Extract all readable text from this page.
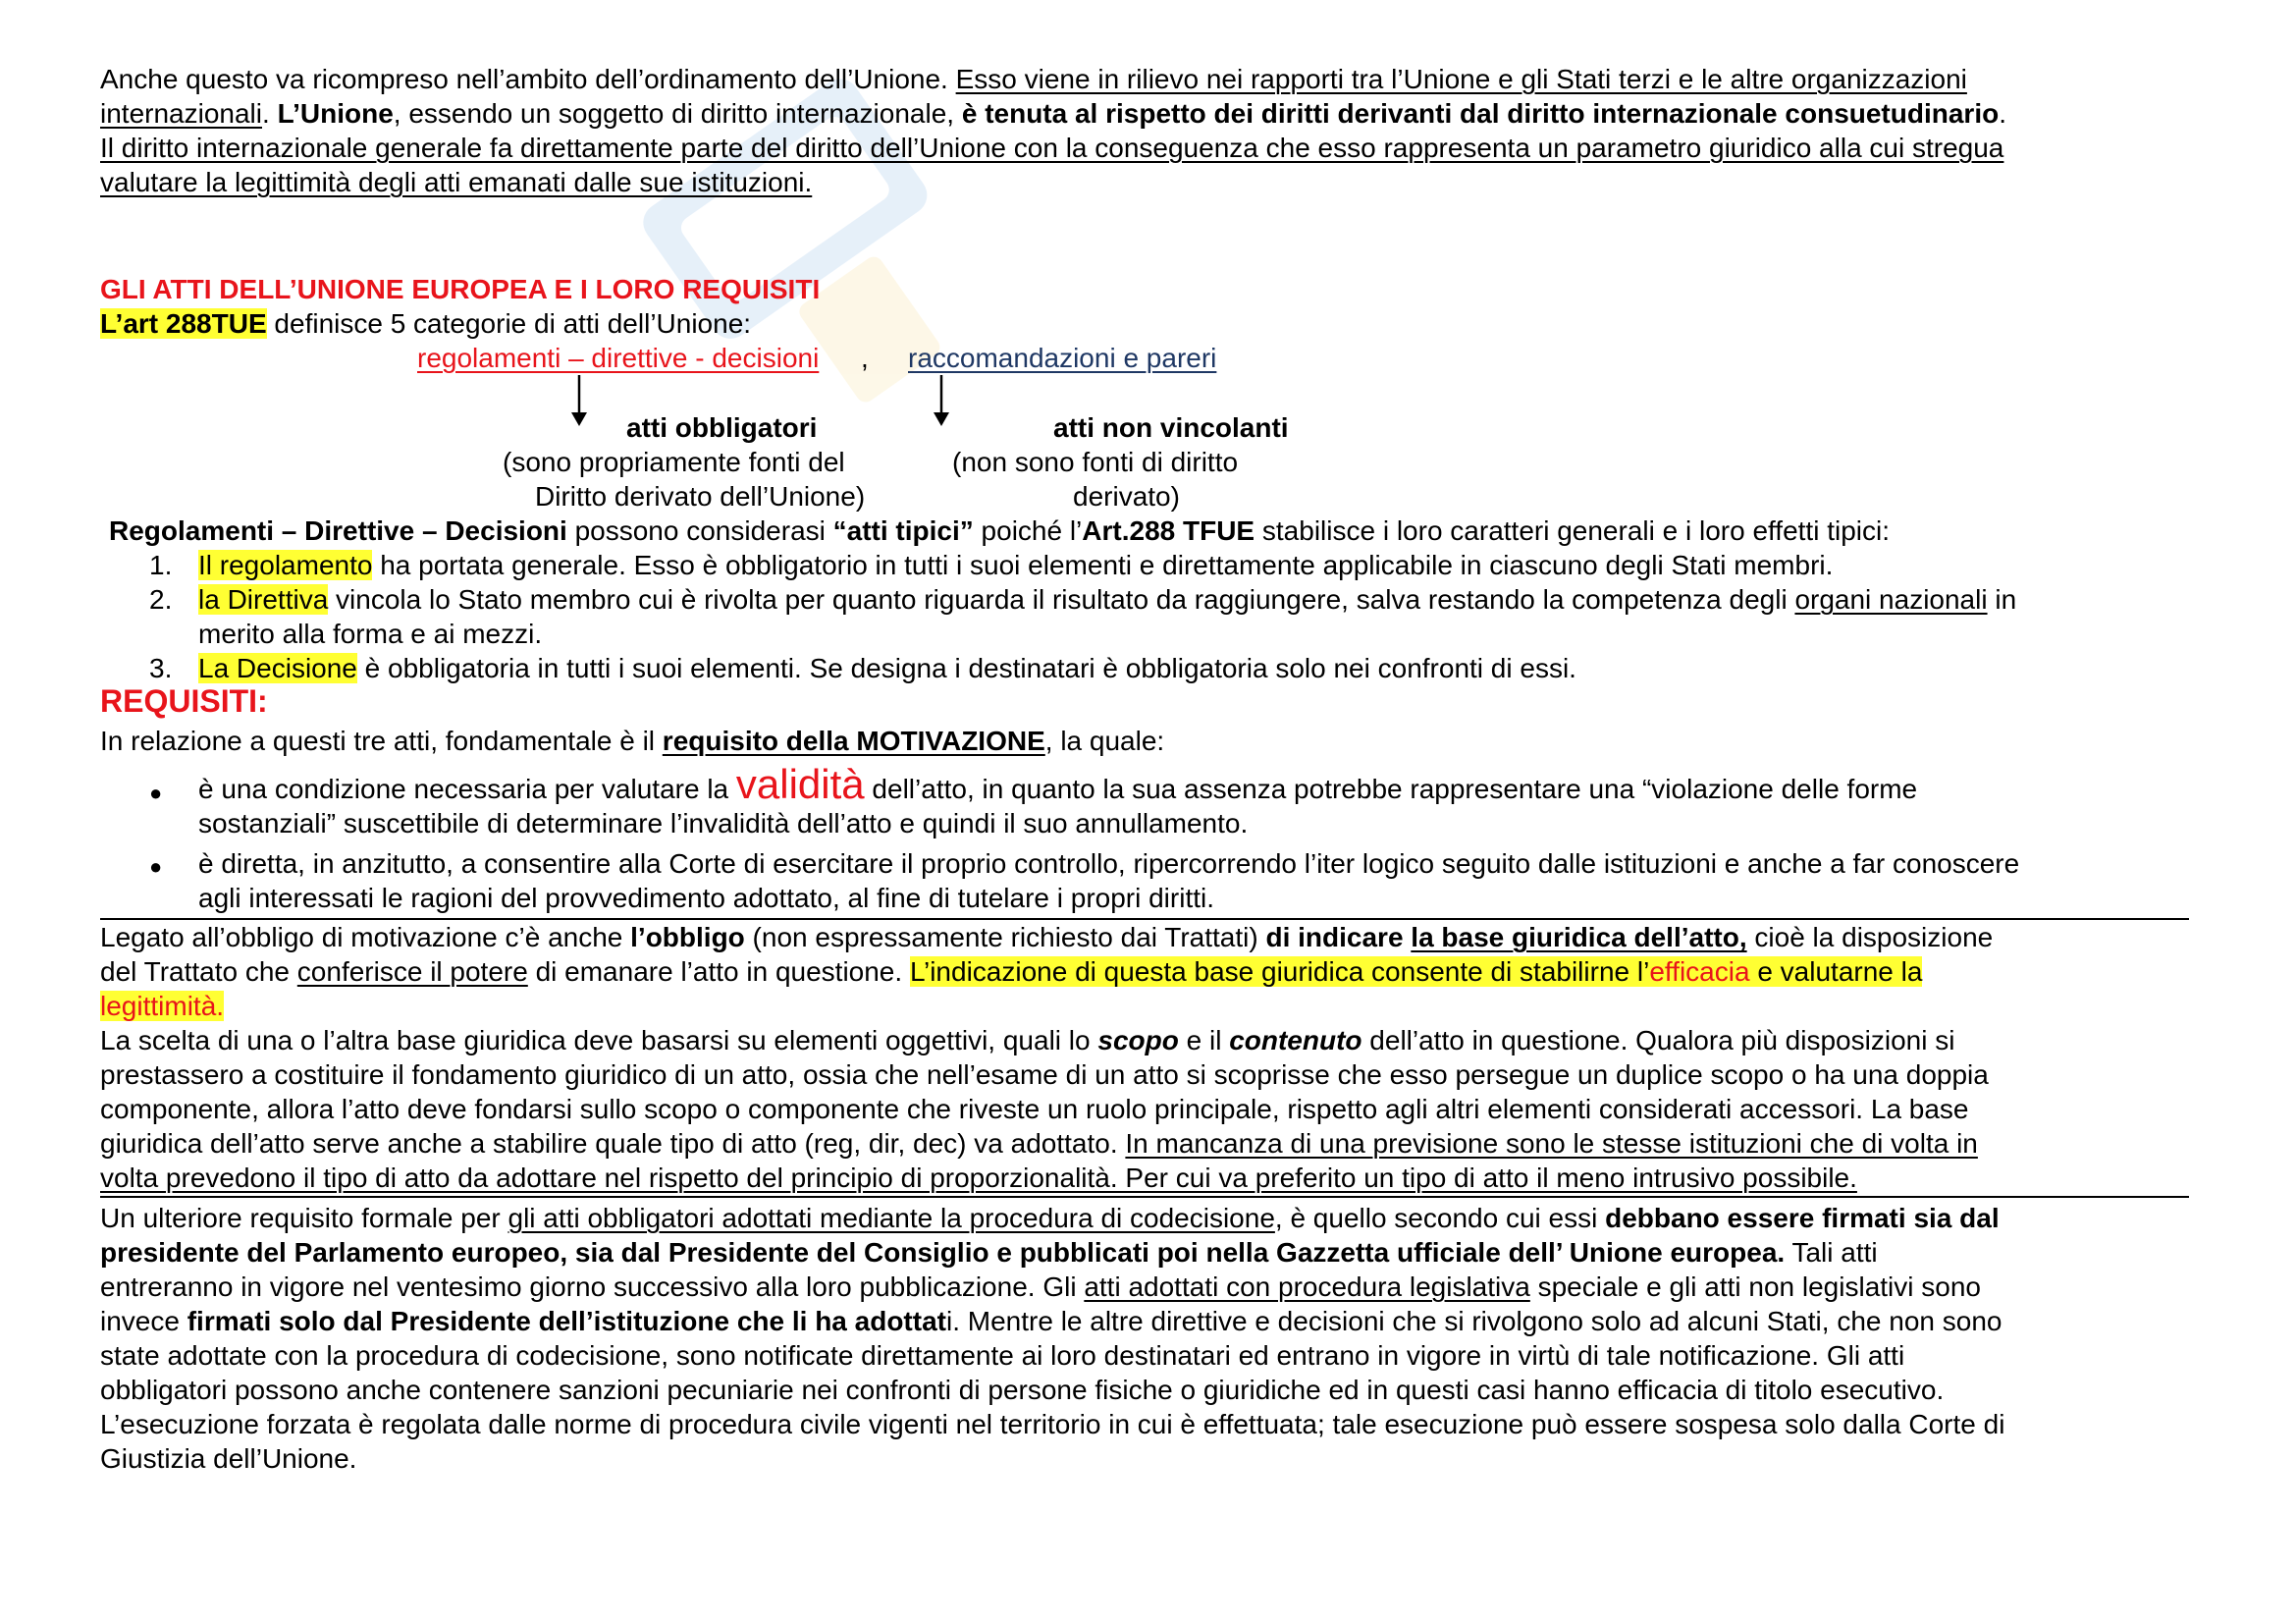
Anche questo va ricompreso nell’ambito dell’ordinamento dell’Unione. Esso viene in rilievo nei rapporti tra l’Unione e gli Stati terzi e le altre organizzazioni
internazionali. L’Unione, essendo un soggetto di diritto internazionale, è tenuta al rispetto dei diritti derivanti dal diritto internazionale consuetudinario.
Il diritto internazionale generale fa direttamente parte del diritto dell’Unione con la conseguenza che esso rappresenta un parametro giuridico alla cui stregua
valutare la legittimità degli atti emanati dalle sue istituzioni.
GLI ATTI DELL’UNIONE EUROPEA E I LORO REQUISITI
L’art 288TUE definisce 5 categorie di atti dell’Unione:
regolamenti – direttive - decisioni , raccomandazioni e pareri
atti obbligatori
(sono propriamente fonti del
Diritto derivato dell’Unione)
atti non vincolanti
(non sono fonti di diritto
derivato)
Regolamenti – Direttive – Decisioni possono considerasi “atti tipici” poiché l’Art.288 TFUE stabilisce i loro caratteri generali e i loro effetti tipici:
1. Il regolamento ha portata generale. Esso è obbligatorio in tutti i suoi elementi e direttamente applicabile in ciascuno degli Stati membri.
2. la Direttiva vincola lo Stato membro cui è rivolta per quanto riguarda il risultato da raggiungere, salva restando la competenza degli organi nazionali in
merito alla forma e ai mezzi.
3. La Decisione è obbligatoria in tutti i suoi elementi. Se designa i destinatari è obbligatoria solo nei confronti di essi.
REQUISITI:
In relazione a questi tre atti, fondamentale è il requisito della MOTIVAZIONE, la quale:
● è una condizione necessaria per valutare la validità dell’atto, in quanto la sua assenza potrebbe rappresentare una “violazione delle forme
sostanziali” suscettibile di determinare l’invalidità dell’atto e quindi il suo annullamento.
● è diretta, in anzitutto, a consentire alla Corte di esercitare il proprio controllo, ripercorrendo l’iter logico seguito dalle istituzioni e anche a far conoscere
agli interessati le ragioni del provvedimento adottato, al fine di tutelare i propri diritti.
Legato all’obbligo di motivazione c’è anche l’obbligo (non espressamente richiesto dai Trattati) di indicare la base giuridica dell’atto, cioè la disposizione
del Trattato che conferisce il potere di emanare l’atto in questione. L’indicazione di questa base giuridica consente di stabilirne l’efficacia e valutarne la
legittimità.
La scelta di una o l’altra base giuridica deve basarsi su elementi oggettivi, quali lo scopo e il contenuto dell’atto in questione. Qualora più disposizioni si
prestassero a costituire il fondamento giuridico di un atto, ossia che nell’esame di un atto si scoprisse che esso persegue un duplice scopo o ha una doppia
componente, allora l’atto deve fondarsi sullo scopo o componente che riveste un ruolo principale, rispetto agli altri elementi considerati accessori. La base
giuridica dell’atto serve anche a stabilire quale tipo di atto (reg, dir, dec) va adottato. In mancanza di una previsione sono le stesse istituzioni che di volta in
volta prevedono il tipo di atto da adottare nel rispetto del principio di proporzionalità. Per cui va preferito un tipo di atto il meno intrusivo possibile.
Un ulteriore requisito formale per gli atti obbligatori adottati mediante la procedura di codecisione, è quello secondo cui essi debbano essere firmati sia dal
presidente del Parlamento europeo, sia dal Presidente del Consiglio e pubblicati poi nella Gazzetta ufficiale dell’ Unione europea. Tali atti
entreranno in vigore nel ventesimo giorno successivo alla loro pubblicazione. Gli atti adottati con procedura legislativa speciale e gli atti non legislativi sono
invece firmati solo dal Presidente dell’istituzione che li ha adottati. Mentre le altre direttive e decisioni che si rivolgono solo ad alcuni Stati, che non sono
state adottate con la procedura di codecisione, sono notificate direttamente ai loro destinatari ed entrano in vigore in virtù di tale notificazione. Gli atti
obbligatori possono anche contenere sanzioni pecuniarie nei confronti di persone fisiche o giuridiche ed in questi casi hanno efficacia di titolo esecutivo.
L’esecuzione forzata è regolata dalle norme di procedura civile vigenti nel territorio in cui è effettuata; tale esecuzione può essere sospesa solo dalla Corte di
Giustizia dell’Unione.
